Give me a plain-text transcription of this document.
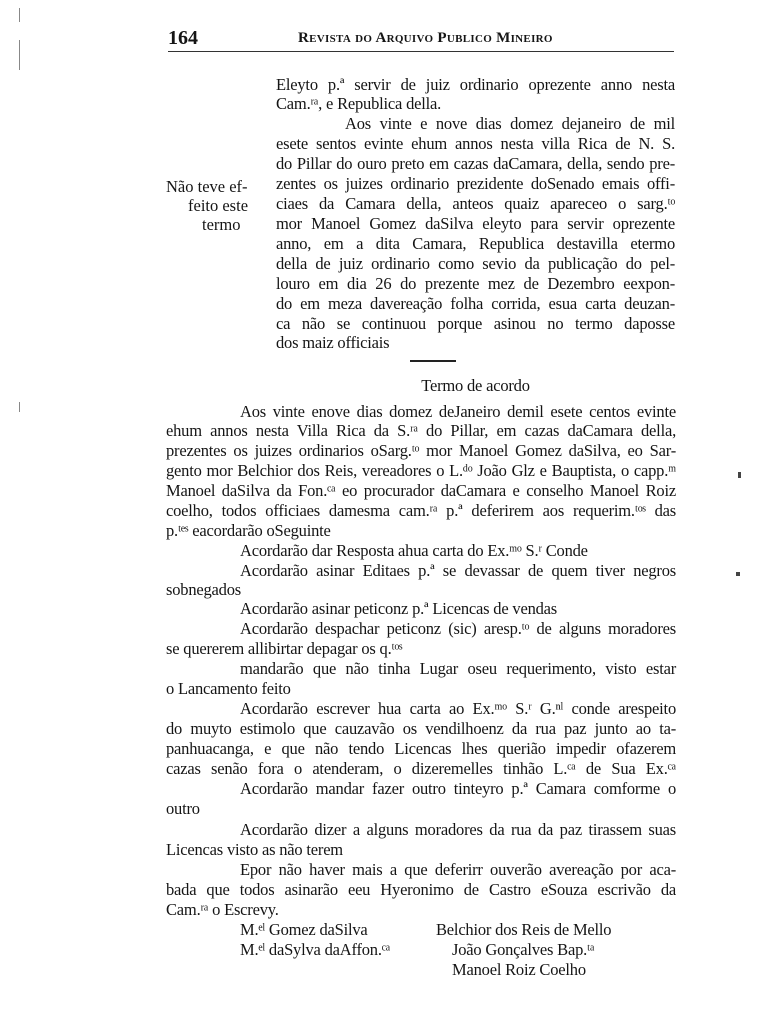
164	Revista do Arquivo Publico Mineiro
Não teve ef-
feito este
termo
Eleyto p.ª servir de juiz ordinario oprezente anno nesta
Cam.ʳᵃ, e Republica della.
Aos vinte e nove dias domez dejaneiro de mil
esete sentos evinte ehum annos nesta villa Rica de N. S.
do Pillar do ouro preto em cazas daCamara, della, sendo pre-
zentes os juizes ordinario prezidente doSenado emais offi-
ciaes da Camara della, anteos quaiz apareceo o sarg.ᵗᵒ
mor Manoel Gomez daSilva eleyto para servir oprezente
anno, em a dita Camara, Republica destavilla etermo
della de juiz ordinario como sevio da publicação do pel-
louro em dia 26 do prezente mez de Dezembro eexpon-
do em meza davereação folha corrida, esua carta deuzan-
ca não se continuou porque asinou no termo daposse
dos maiz officiais
Termo de acordo
Aos vinte enove dias domez deJaneiro demil esete centos evinte
ehum annos nesta Villa Rica da S.ʳᵃ do Pillar, em cazas daCamara della,
prezentes os juizes ordinarios oSarg.ᵗᵒ mor Manoel Gomez daSilva, eo Sar-
gento mor Belchior dos Reis, vereadores o L.ᵈᵒ João Glz e Bauptista, o capp.ᵐ
Manoel daSilva da Fon.ᶜᵃ eo procurador daCamara e conselho Manoel Roiz
coelho, todos officiaes damesma cam.ʳᵃ p.ª deferirem aos requerim.ᵗᵒˢ das
p.ᵗᵉˢ eacordarão oSeguinte
Acordarão dar Resposta ahua carta do Ex.ᵐᵒ S.ʳ Conde
Acordarão asinar Editaes p.ª se devassar de quem tiver negros
sobnegados
Acordarão asinar peticonz p.ª Licencas de vendas
Acordarão despachar peticonz (sic) aresp.ᵗᵒ de alguns moradores
se quererem allibirtar depagar os q.ᵗᵒˢ
mandarão que não tinha Lugar oseu requerimento, visto estar
o Lancamento feito
Acordarão escrever hua carta ao Ex.ᵐᵒ S.ʳ G.ⁿˡ conde arespeito
do muyto estimolo que cauzavão os vendilhoenz da rua paz junto ao ta-
panhuacanga, e que não tendo Licencas lhes querião impedir ofazerem
cazas senão fora o atenderam, o dizeremelles tinhão L.ᶜᵃ de Sua Ex.ᶜᵃ
Acordarão mandar fazer outro tinteyro p.ª Camara comforme o
outro
Acordarão dizer a alguns moradores da rua da paz tirassem suas
Licencas visto as não terem
Epor não haver mais a que deferirr ouverão avereação por aca-
bada que todos asinarão eeu Hyeronimo de Castro eSouza escrivão da
Cam.ʳᵃ o Escrevy.
M.ᵉˡ Gomez daSilva
M.ᵉˡ daSylva daAffon.ᶜᵃ
Belchior dos Reis de Mello
João Gonçalves Bap.ᵗᵃ
Manoel Roiz Coelho
